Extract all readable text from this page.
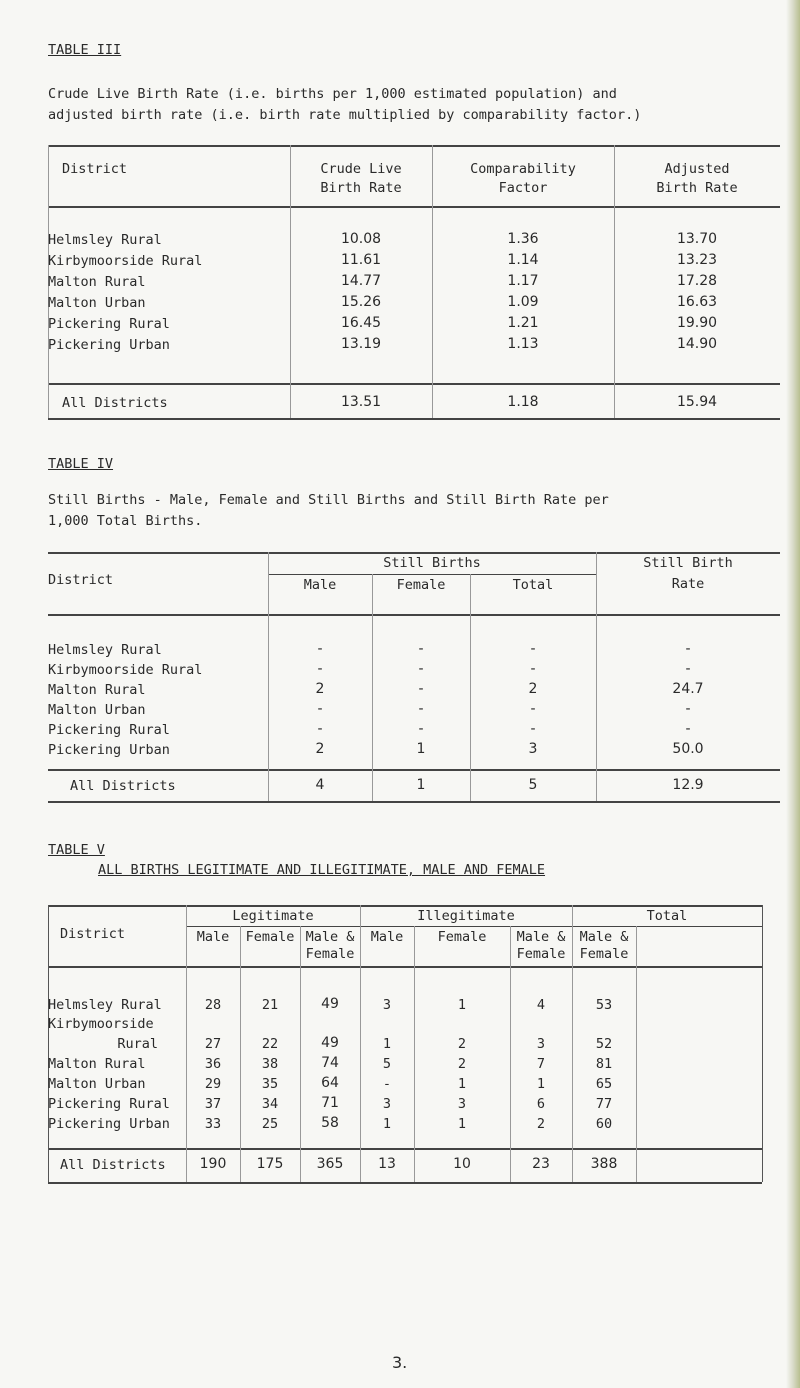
TABLE III
Crude Live Birth Rate (i.e. births per 1,000 estimated population) and
adjusted birth rate (i.e. birth rate multiplied by comparability factor.)
District	Crude Live
Birth Rate
Comparability
Factor
Adjusted
Birth Rate
Helmsley Rural	10.08	1.36	13.70
Kirbymoorside Rural	11.61	1.14	13.23
Malton Rural	14.77	1.17	17.28
Malton Urban	15.26	1.09	16.63
Pickering Rural	16.45	1.21	19.90
Pickering Urban	13.19	1.13	14.90
All Districts	13.51	1.18	15.94
TABLE IV
Still Births - Male, Female and Still Births and Still Birth Rate per
1,000 Total Births.
District
Still Births
Male	Female	Total
Still Birth
Rate
Helmsley Rural	-	-	-	-
Kirbymoorside Rural	-	-	-	-
Malton Rural	2	-	2	24.7
Malton Urban	-	-	-	-
Pickering Rural	-	-	-	-
Pickering Urban	2	1	3	50.0
All Districts	4	1	5	12.9
TABLE V
ALL BIRTHS LEGITIMATE AND ILLEGITIMATE, MALE AND FEMALE
District
Legitimate	Illegitimate	Total
Male	Female Male &
Female
Male	Female	Male &
Female
Male &
Female
Helmsley Rural	28	21	49	3	1	4	53
Kirbymoorside
Rural	27	22	49	1	2	3	52
Malton Rural	36	38	74	5	2	7	81
Malton Urban	29	35	64	-	1	1	65
Pickering Rural	37	34	71	3	3	6	77
Pickering Urban	33	25	58	1	1	2	60
All Districts	190	175	365	13	10	23	388
3.
